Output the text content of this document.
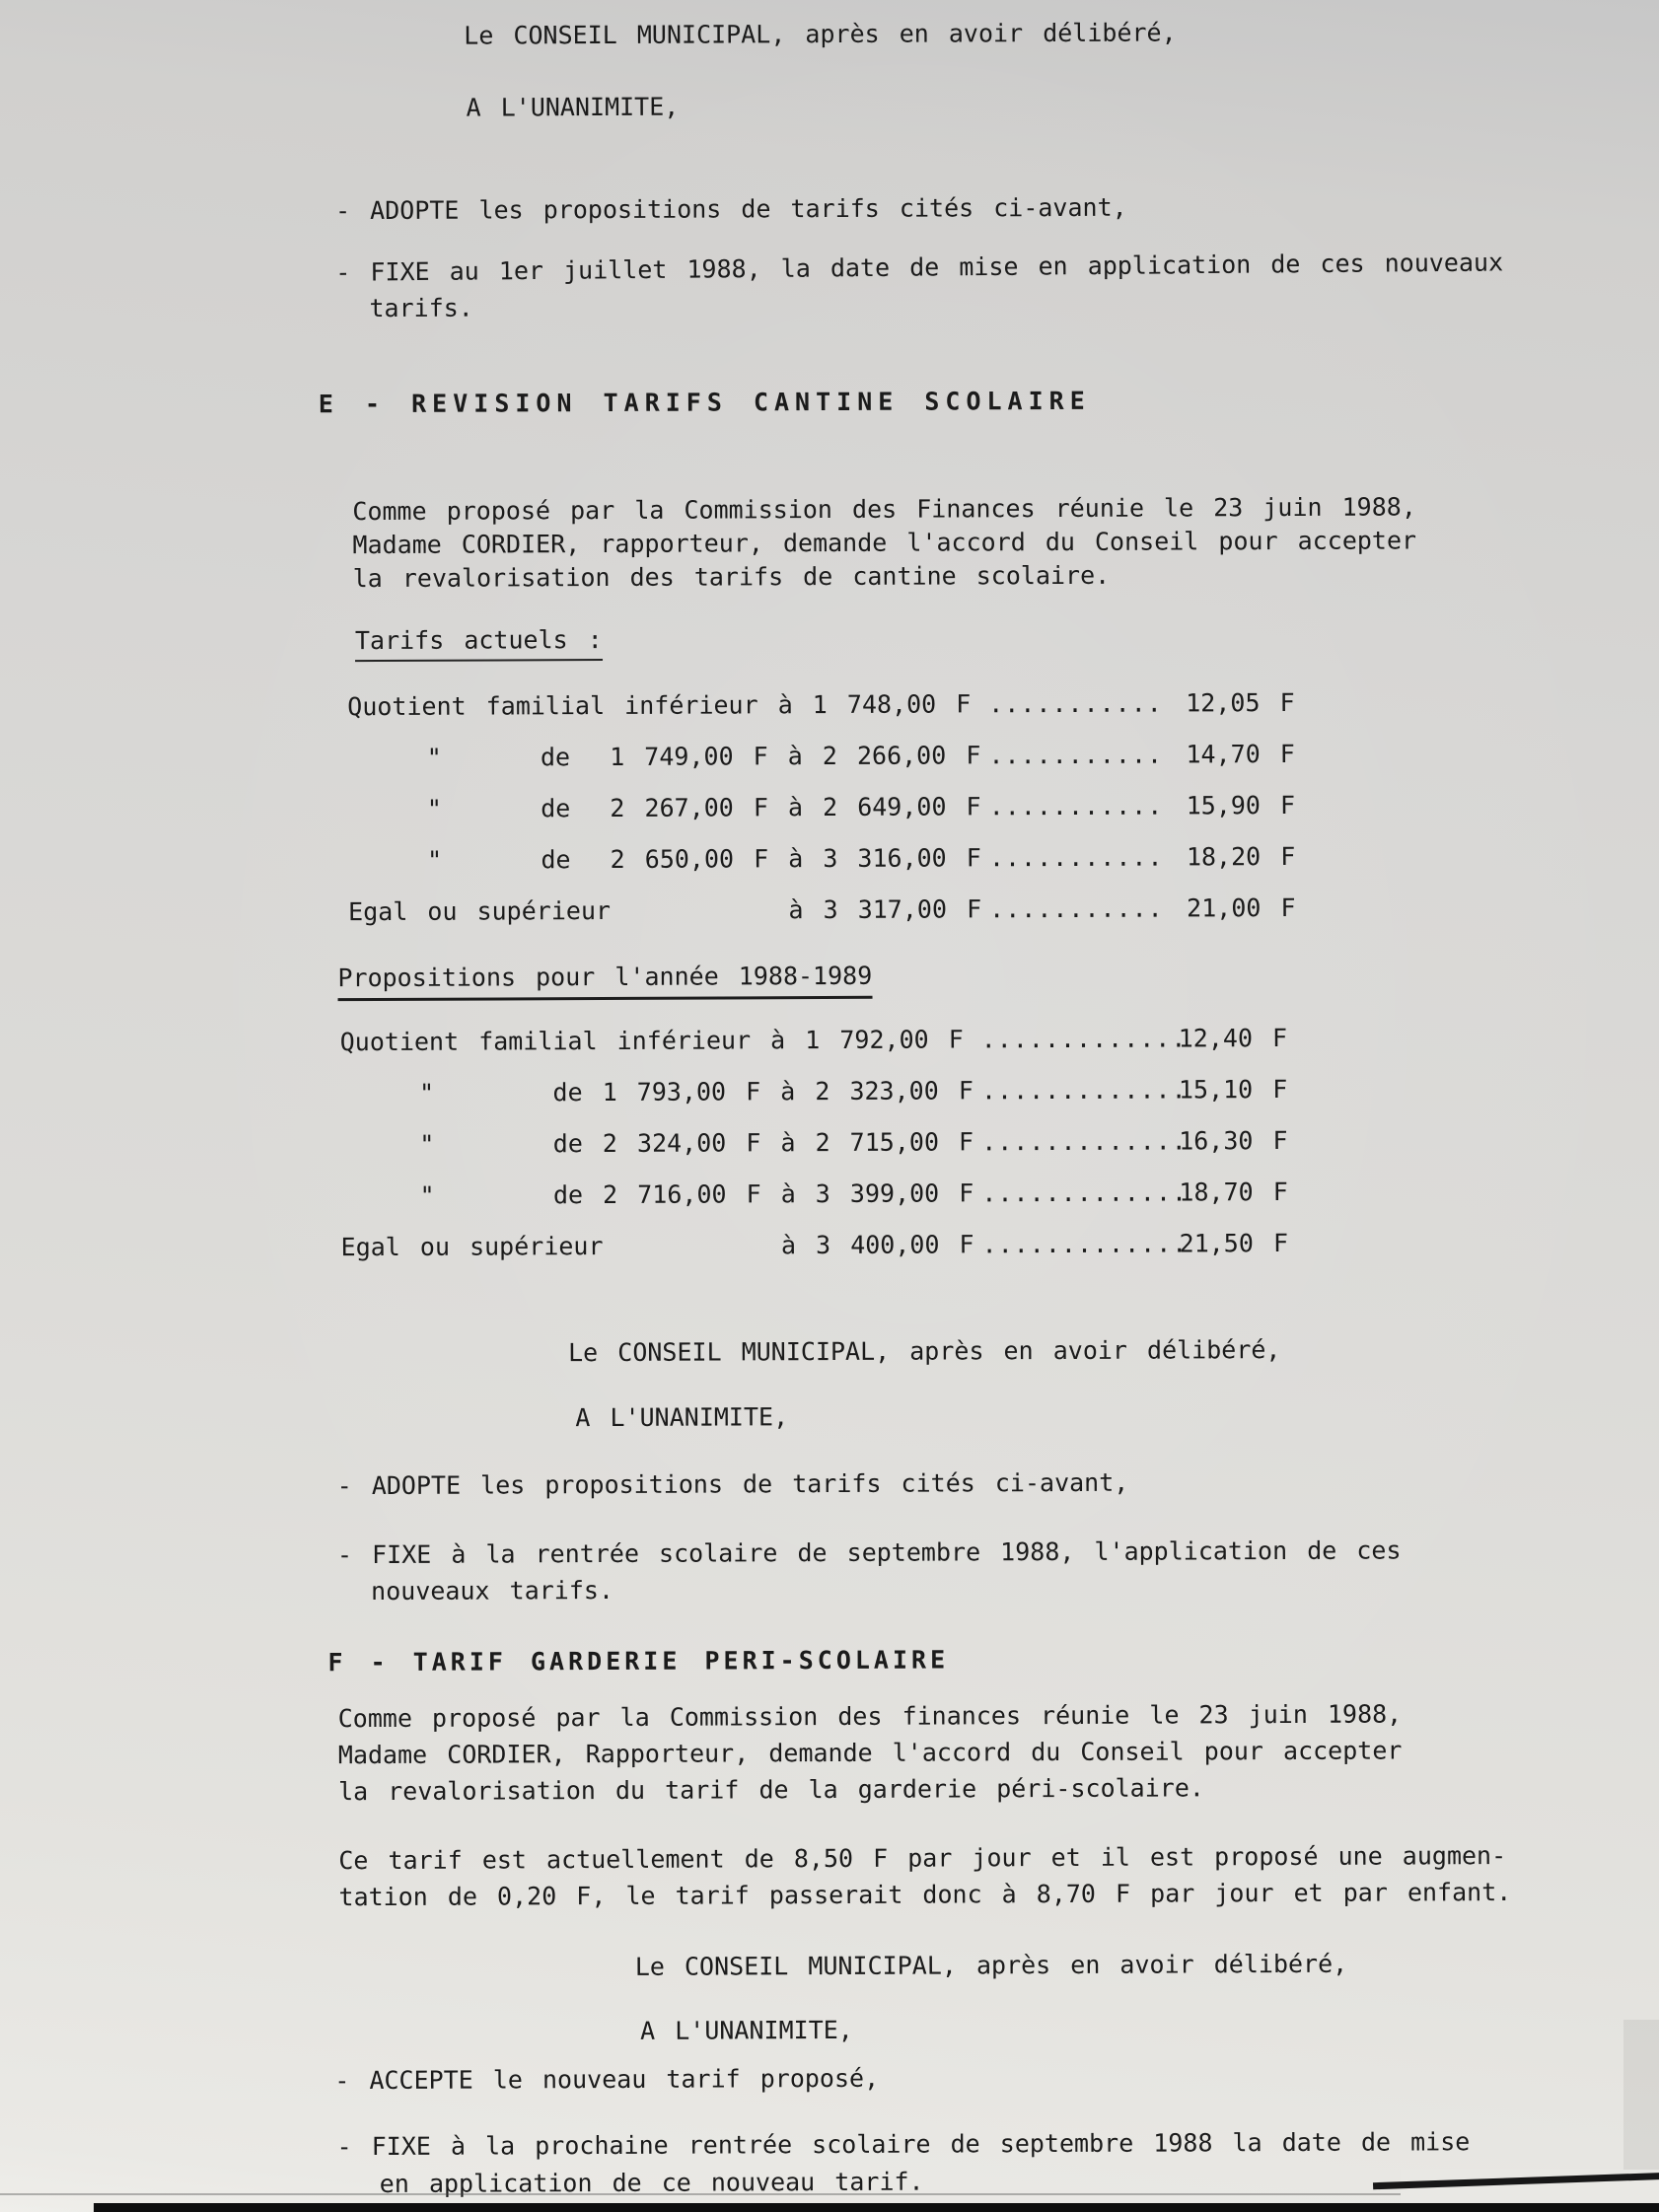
Le CONSEIL MUNICIPAL, après en avoir délibéré,
A L'UNANIMITE,
- ADOPTE les propositions de tarifs cités ci-avant,
- FIXE au 1er juillet 1988, la date de mise en application de ces nouveaux
tarifs.
E - REVISION TARIFS CANTINE SCOLAIRE
Comme proposé par la Commission des Finances réunie le 23 juin 1988,
Madame CORDIER, rapporteur, demande l'accord du Conseil pour accepter
la revalorisation des tarifs de cantine scolaire.
Tarifs actuels :
Quotient familial inférieur à 1 748,00 F ........... 12,05 F
"     de  1 749,00 F à 2 266,00 F ........... 14,70 F
"     de  2 267,00 F à 2 649,00 F ........... 15,90 F
"     de  2 650,00 F à 3 316,00 F ........... 18,20 F
Egal ou supérieur         à 3 317,00 F ........... 21,00 F
Propositions pour l'année 1988-1989
Quotient familial inférieur à 1 792,00 F .............
12,40 F
"      de 1 793,00 F à 2 323,00 F .............
15,10 F
"      de 2 324,00 F à 2 715,00 F .............
16,30 F
"      de 2 716,00 F à 3 399,00 F .............
18,70 F
Egal ou supérieur         à 3 400,00 F .............
21,50 F
Le CONSEIL MUNICIPAL, après en avoir délibéré,
A L'UNANIMITE,
- ADOPTE les propositions de tarifs cités ci-avant,
- FIXE à la rentrée scolaire de septembre 1988, l'application de ces
nouveaux tarifs.
F - TARIF GARDERIE PERI-SCOLAIRE
Comme proposé par la Commission des finances réunie le 23 juin 1988,
Madame CORDIER, Rapporteur, demande l'accord du Conseil pour accepter
la revalorisation du tarif de la garderie péri-scolaire.
Ce tarif est actuellement de 8,50 F par jour et il est proposé une augmen-
tation de 0,20 F, le tarif passerait donc à 8,70 F par jour et par enfant.
Le CONSEIL MUNICIPAL, après en avoir délibéré,
A L'UNANIMITE,
- ACCEPTE le nouveau tarif proposé,
- FIXE à la prochaine rentrée scolaire de septembre 1988 la date de mise
en application de ce nouveau tarif.
